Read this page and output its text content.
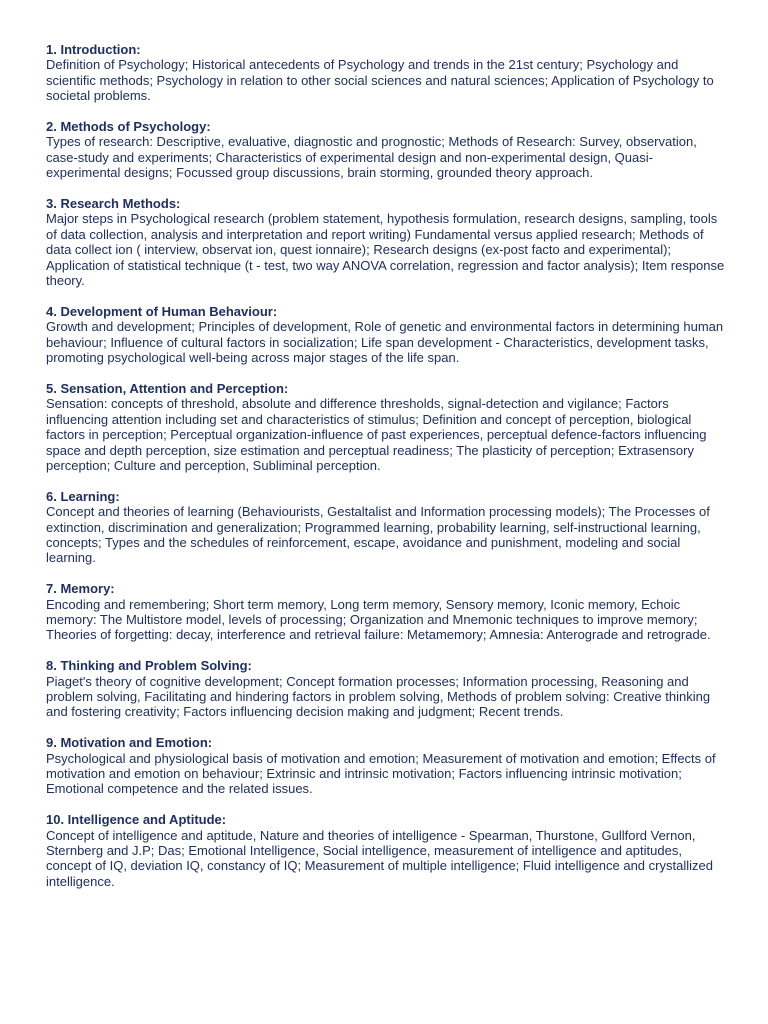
1. Introduction:

Definition of Psychology; Historical antecedents of Psychology and trends in the 21st century; Psychology and scientific methods; Psychology in relation to other social sciences and natural sciences; Application of Psychology to societal problems.

2. Methods of Psychology:

Types of research: Descriptive, evaluative, diagnostic and prognostic; Methods of Research: Survey, observation, case-study and experiments; Characteristics of experimental design and non-experimental design, Quasi-experimental designs; Focussed group discussions, brain storming, grounded theory approach.

3. Research Methods:

Major steps in Psychological research (problem statement, hypothesis formulation, research designs, sampling, tools of data collection, analysis and interpretation and report writing) Fundamental versus applied research; Methods of data collect ion ( interview, observat ion, quest ionnaire); Research designs (ex-post facto and experimental); Application of statistical technique (t - test, two way ANOVA correlation, regression and factor analysis); Item response theory.

4. Development of Human Behaviour:

Growth and development; Principles of development, Role of genetic and environmental factors in determining human behaviour; Influence of cultural factors in socialization; Life span development - Characteristics, development tasks, promoting psychological well-being across major stages of the life span.

5. Sensation, Attention and Perception:

Sensation: concepts of threshold, absolute and difference thresholds, signal-detection and vigilance; Factors influencing attention including set and characteristics of stimulus; Definition and concept of perception, biological factors in perception; Perceptual organization-influence of past experiences, perceptual defence-factors influencing space and depth perception, size estimation and perceptual readiness; The plasticity of perception; Extrasensory perception; Culture and perception, Subliminal perception.

6. Learning:

Concept and theories of learning (Behaviourists, Gestaltalist and Information processing models); The Processes of extinction, discrimination and generalization; Programmed learning, probability learning, self-instructional learning, concepts; Types and the schedules of reinforcement, escape, avoidance and punishment, modeling and social learning.

7. Memory:

Encoding and remembering; Short term memory, Long term memory, Sensory memory, Iconic memory, Echoic memory: The Multistore model, levels of processing; Organization and Mnemonic techniques to improve memory; Theories of forgetting: decay, interference and retrieval failure: Metamemory; Amnesia: Anterograde and retrograde.

8. Thinking and Problem Solving:

Piaget's theory of cognitive development; Concept formation processes; Information processing, Reasoning and problem solving, Facilitating and hindering factors in problem solving, Methods of problem solving: Creative thinking and fostering creativity; Factors influencing decision making and judgment; Recent trends.

9. Motivation and Emotion:

Psychological and physiological basis of motivation and emotion; Measurement of motivation and emotion; Effects of motivation and emotion on behaviour; Extrinsic and intrinsic motivation; Factors influencing intrinsic motivation; Emotional competence and the related issues.

10. Intelligence and Aptitude:

Concept of intelligence and aptitude, Nature and theories of intelligence - Spearman, Thurstone, Gullford Vernon, Sternberg and J.P; Das; Emotional Intelligence, Social intelligence, measurement of intelligence and aptitudes, concept of IQ, deviation IQ, constancy of IQ; Measurement of multiple intelligence; Fluid intelligence and crystallized intelligence.
